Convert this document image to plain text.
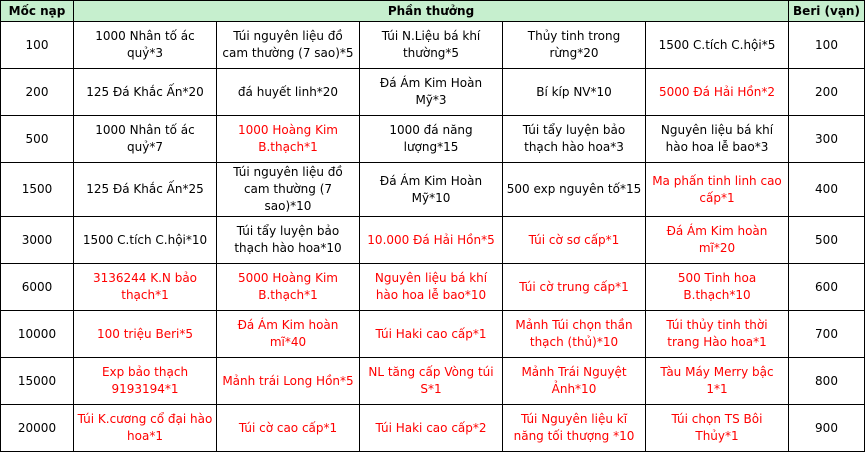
Mốc nạp	Phần thưởng					Beri (vạn)
100	1000 Nhân tố ác quỷ*3	Túi nguyên liệu đồ cam thường (7 sao)*5	Túi N.Liệu bá khí thường*5	Thủy tinh trong rừng*20	1500 C.tích C.hội*5	100
200	125 Đá Khắc Ấn*20	đá huyết linh*20	Đá Ám Kim Hoàn Mỹ*3	Bí kíp NV*10	5000 Đá Hải Hồn*2	200
500	1000 Nhân tố ác quỷ*7	1000 Hoàng Kim B.thạch*1	1000 đá năng lượng*15	Túi tẩy luyện bảo thạch hào hoa*3	Nguyên liệu bá khí hào hoa lễ bao*3	300
1500	125 Đá Khắc Ấn*25	Túi nguyên liệu đồ cam thường (7 sao)*10	Đá Ám Kim Hoàn Mỹ*10	500 exp nguyên tố*15	Ma phấn tinh linh cao cấp*1	400
3000	1500 C.tích C.hội*10	Túi tẩy luyện bảo thạch hào hoa*10	10.000 Đá Hải Hồn*5	Túi cờ sơ cấp*1	Đá Ám Kim hoàn mĩ*20	500
6000	3136244 K.N bảo thạch*1	5000 Hoàng Kim B.thạch*1	Nguyên liệu bá khí hào hoa lễ bao*10	Túi cờ trung cấp*1	500 Tinh hoa B.thạch*10	600
10000	100 triệu Beri*5	Đá Ám Kim hoàn mĩ*40	Túi Haki cao cấp*1	Mảnh Túi chọn thần thạch (thủ)*10	Túi thủy tinh thời trang Hào hoa*1	700
15000	Exp bảo thạch 9193194*1	Mảnh trái Long Hồn*5	NL tăng cấp Vòng túi S*1	Mảnh Trái Nguyệt Ảnh*10	Tàu Máy Merry bậc 1*1	800
20000	Túi K.cương cổ đại hào hoa*1	Túi cờ cao cấp*1	Túi Haki cao cấp*2	Túi Nguyên liệu kĩ năng tối thượng *10	Túi chọn TS Bôi Thủy*1	900
